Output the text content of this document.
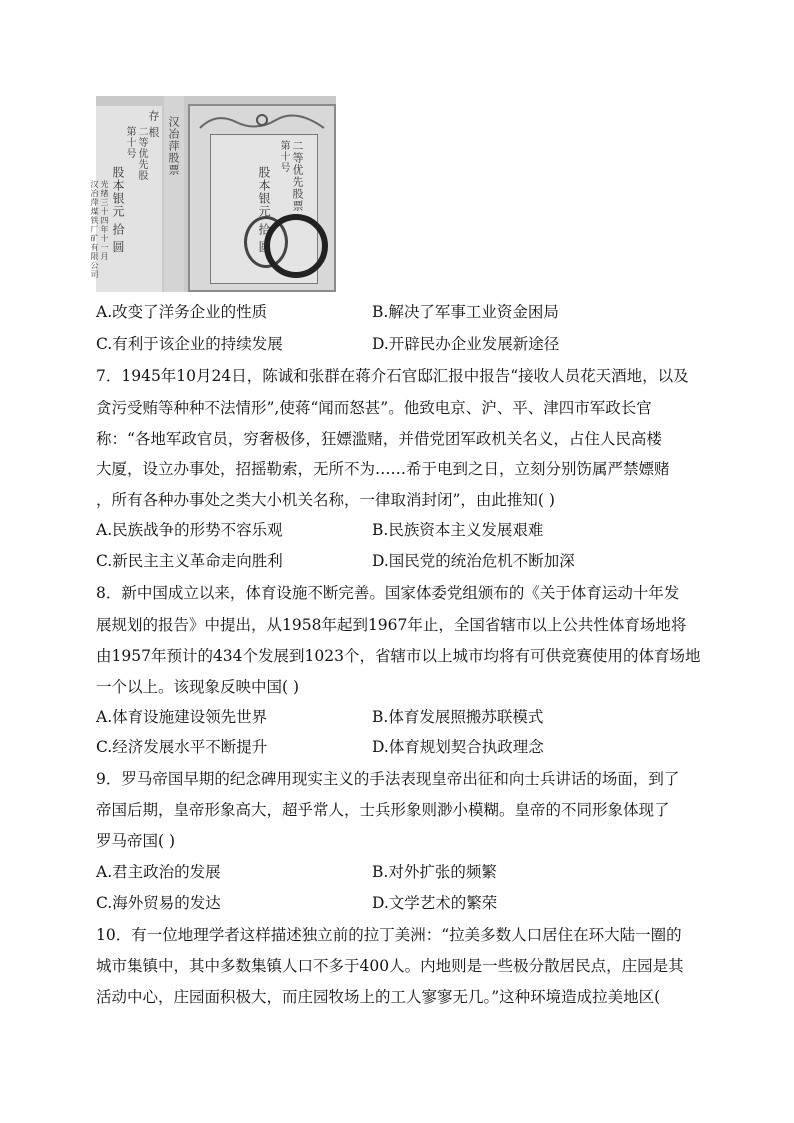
存 根
二等优先股
第十号
股本银元 拾 圆
光绪三十四年十一月
汉冶萍煤铁厂矿有限公司
汉冶萍股票	二等优先股票
第十号
股本银元 拾 圆
A.改变了洋务企业的性质	B.解决了军事工业资金困局
C.有利于该企业的持续发展	D.开辟民办企业发展新途径
7．1945年10月24日，陈诚和张群在蒋介石官邸汇报中报告“接收人员花天酒地，以及
贪污受贿等种种不法情形”,使蒋“闻而怒甚”。他致电京、沪、平、津四市军政长官
称：“各地军政官员，穷奢极侈，狂嫖滥赌，并借党团军政机关名义，占住人民高楼
大厦，设立办事处，招摇勒索，无所不为……希于电到之日，立刻分别饬属严禁嫖赌
，所有各种办事处之类大小机关名称，一律取消封闭”，由此推知( )
A.民族战争的形势不容乐观	B.民族资本主义发展艰难
C.新民主主义革命走向胜利	D.国民党的统治危机不断加深
8．新中国成立以来，体育设施不断完善。国家体委党组颁布的《关于体育运动十年发
展规划的报告》中提出，从1958年起到1967年止，全国省辖市以上公共性体育场地将
由1957年预计的434个发展到1023个，省辖市以上城市均将有可供竞赛使用的体育场地
一个以上。该现象反映中国( )
A.体育设施建设领先世界	B.体育发展照搬苏联模式
C.经济发展水平不断提升	D.体育规划契合执政理念
9．罗马帝国早期的纪念碑用现实主义的手法表现皇帝出征和向士兵讲话的场面，到了
帝国后期，皇帝形象高大，超乎常人，士兵形象则渺小模糊。皇帝的不同形象体现了
罗马帝国( )
A.君主政治的发展	B.对外扩张的频繁
C.海外贸易的发达	D.文学艺术的繁荣
10．有一位地理学者这样描述独立前的拉丁美洲：“拉美多数人口居住在环大陆一圈的
城市集镇中，其中多数集镇人口不多于400人。内地则是一些极分散居民点，庄园是其
活动中心，庄园面积极大，而庄园牧场上的工人寥寥无几。”这种环境造成拉美地区(
